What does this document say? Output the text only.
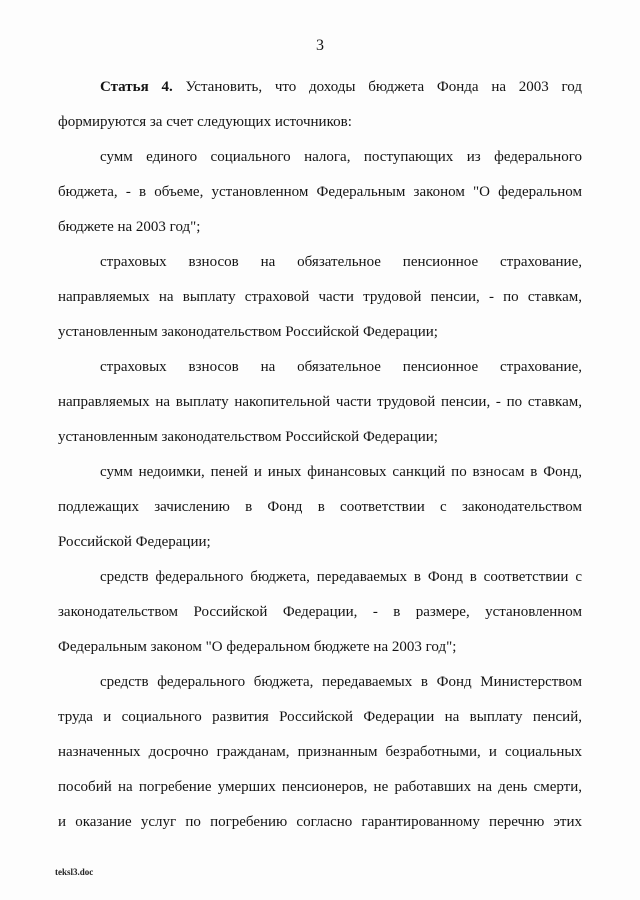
3
Статья 4. Установить, что доходы бюджета Фонда на 2003 год
формируются за счет следующих источников:
сумм единого социального налога, поступающих из федерального
бюджета, - в объеме, установленном Федеральным законом "О федеральном
бюджете на 2003 год";
страховых взносов на обязательное пенсионное страхование,
направляемых на выплату страховой части трудовой пенсии, - по ставкам,
установленным законодательством Российской Федерации;
страховых взносов на обязательное пенсионное страхование,
направляемых на выплату накопительной части трудовой пенсии, - по ставкам,
установленным законодательством Российской Федерации;
сумм недоимки, пеней и иных финансовых санкций по взносам в Фонд,
подлежащих зачислению в Фонд в соответствии с законодательством
Российской Федерации;
средств федерального бюджета, передаваемых в Фонд в соответствии с
законодательством Российской Федерации, - в размере, установленном
Федеральным законом "О федеральном бюджете на 2003 год";
средств федерального бюджета, передаваемых в Фонд Министерством
труда и социального развития Российской Федерации на выплату пенсий,
назначенных досрочно гражданам, признанным безработными, и социальных
пособий на погребение умерших пенсионеров, не работавших на день смерти,
и оказание услуг по погребению согласно гарантированному перечню этих
teksl3.doc
